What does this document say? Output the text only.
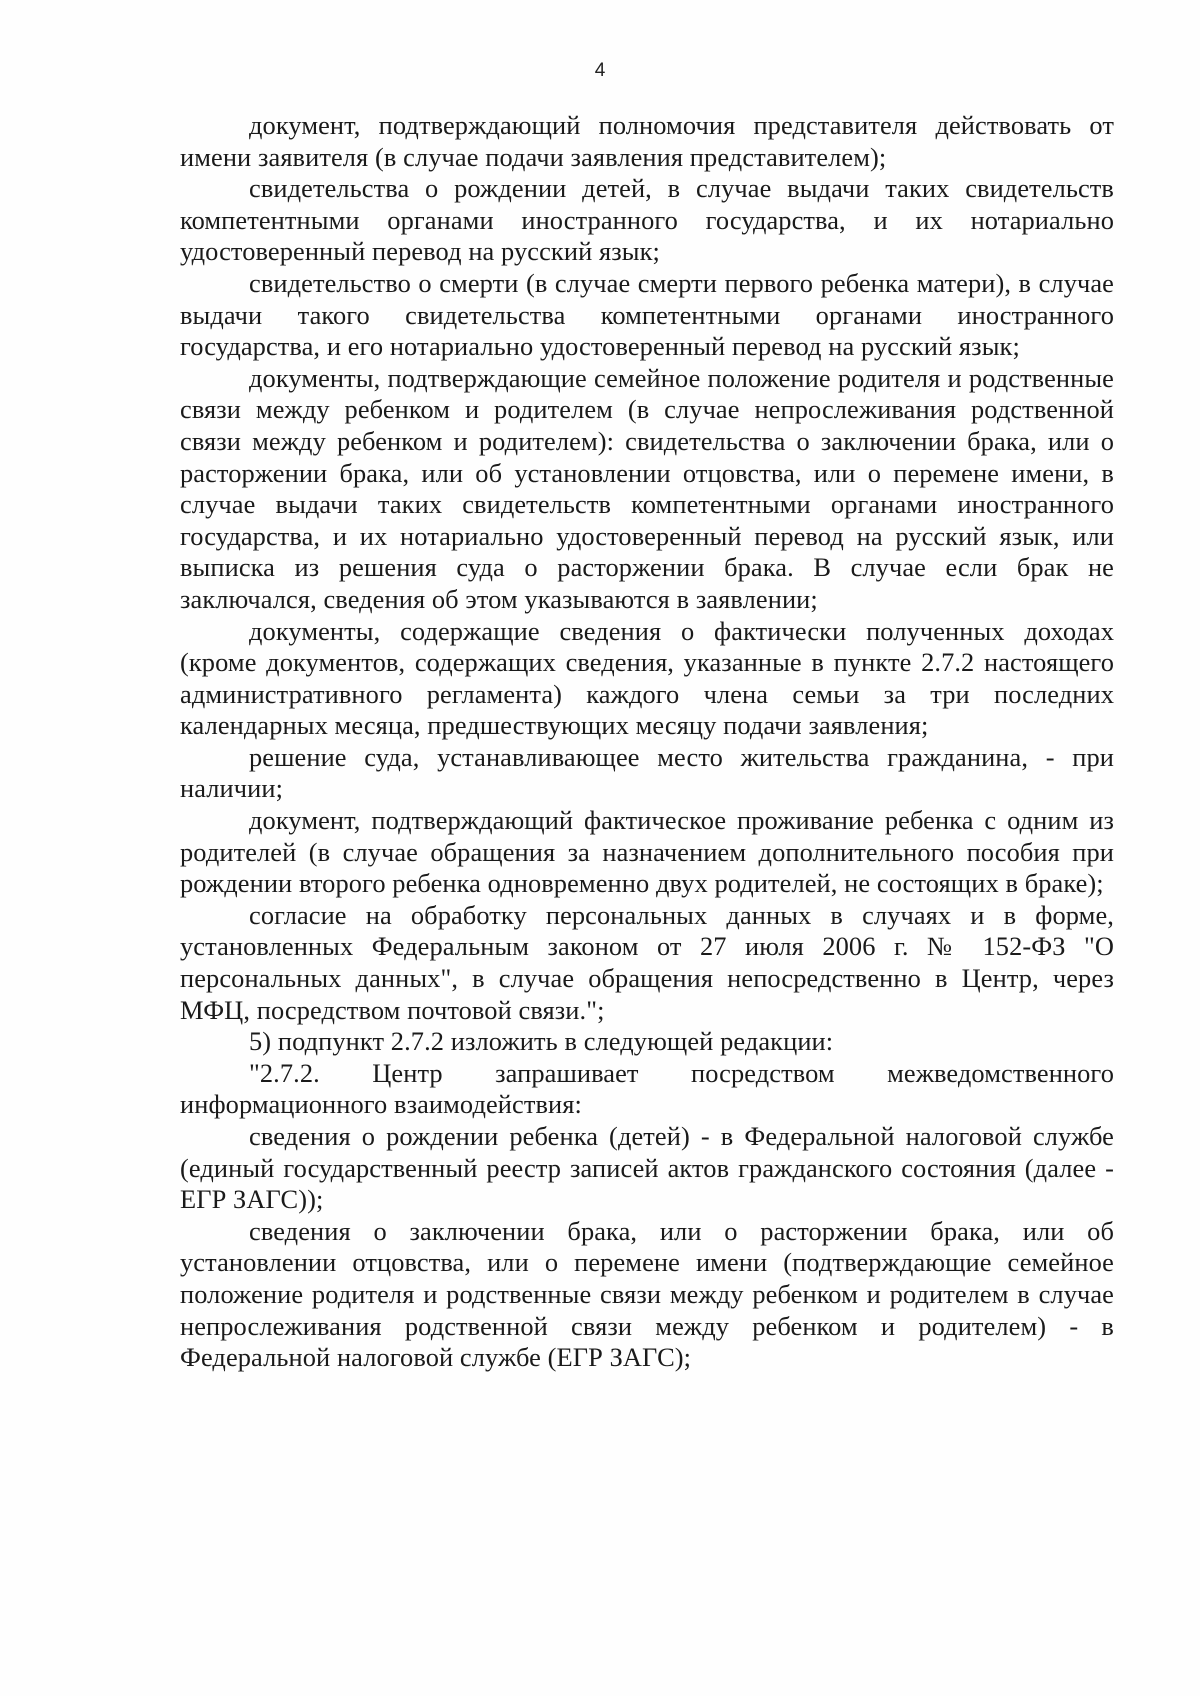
4

документ, подтверждающий полномочия представителя действовать от имени заявителя (в случае подачи заявления представителем);

свидетельства о рождении детей, в случае выдачи таких свидетельств компетентными органами иностранного государства, и их нотариально удостоверенный перевод на русский язык;

свидетельство о смерти (в случае смерти первого ребенка матери), в случае выдачи такого свидетельства компетентными органами иностранного государства, и его нотариально удостоверенный перевод на русский язык;

документы, подтверждающие семейное положение родителя и родственные связи между ребенком и родителем (в случае непрослеживания родственной связи между ребенком и родителем): свидетельства о заключении брака, или о расторжении брака, или об установлении отцовства, или о перемене имени, в случае выдачи таких свидетельств компетентными органами иностранного государства, и их нотариально удостоверенный перевод на русский язык, или выписка из решения суда о расторжении брака. В случае если брак не заключался, сведения об этом указываются в заявлении;

документы, содержащие сведения о фактически полученных доходах (кроме документов, содержащих сведения, указанные в пункте 2.7.2 настоящего административного регламента) каждого члена семьи за три последних календарных месяца, предшествующих месяцу подачи заявления;

решение суда, устанавливающее место жительства гражданина, - при наличии;

документ, подтверждающий фактическое проживание ребенка с одним из родителей (в случае обращения за назначением дополнительного пособия при рождении второго ребенка одновременно двух родителей, не состоящих в браке);

согласие на обработку персональных данных в случаях и в форме, установленных Федеральным законом от 27 июля 2006 г. № 152-ФЗ "О персональных данных", в случае обращения непосредственно в Центр, через МФЦ, посредством почтовой связи.";

5) подпункт 2.7.2 изложить в следующей редакции:

"2.7.2. Центр запрашивает посредством межведомственного информационного взаимодействия:

сведения о рождении ребенка (детей) - в Федеральной налоговой службе (единый государственный реестр записей актов гражданского состояния (далее - ЕГР ЗАГС));

сведения о заключении брака, или о расторжении брака, или об установлении отцовства, или о перемене имени (подтверждающие семейное положение родителя и родственные связи между ребенком и родителем в случае непрослеживания родственной связи между ребенком и родителем) - в Федеральной налоговой службе (ЕГР ЗАГС);
